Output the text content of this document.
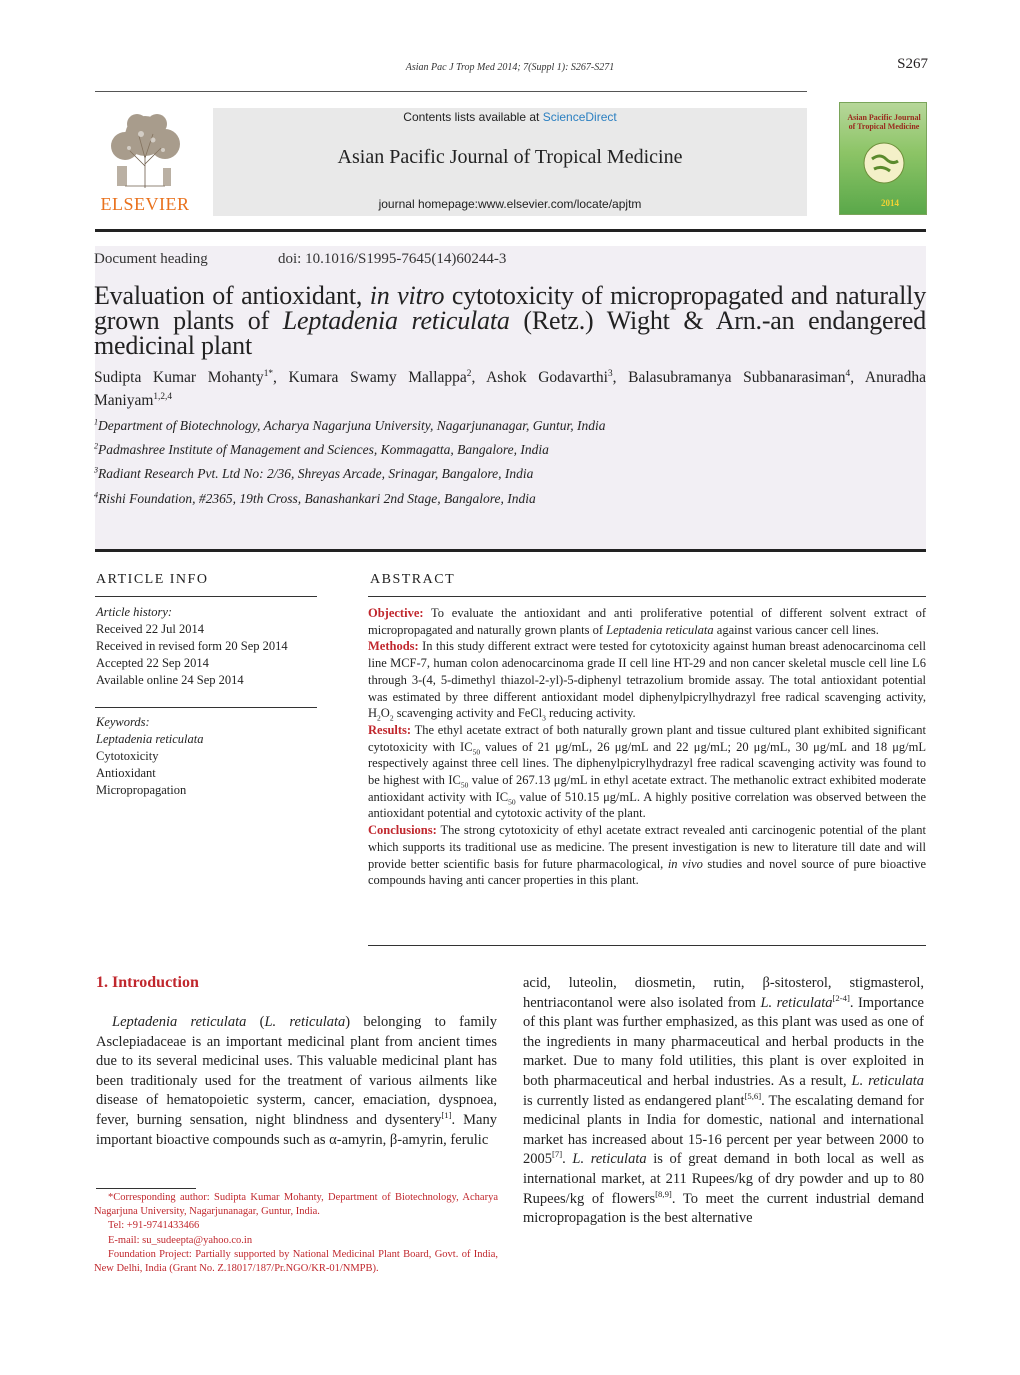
Asian Pac J Trop Med 2014; 7(Suppl 1): S267-S271	S267
ELSEVIER
Contents lists available at ScienceDirect
Asian Pacific Journal of Tropical Medicine
journal homepage:www.elsevier.com/locate/apjtm
Asian Pacific Journal of Tropical Medicine
2014
Document heading	doi: 10.1016/S1995-7645(14)60244-3
Evaluation of antioxidant, in vitro cytotoxicity of micropropagated and naturally grown plants of Leptadenia reticulata (Retz.) Wight & Arn.-an endangered medicinal plant
Sudipta Kumar Mohanty$^{1*}$, Kumara Swamy Mallappa$^2$, Ashok Godavarthi$^3$, Balasubramanya Subbanarasiman$^4$, Anuradha Maniyam$^{1,2,4}$
$^1$Department of Biotechnology, Acharya Nagarjuna University, Nagarjunanagar, Guntur, India
$^2$Padmashree Institute of Management and Sciences, Kommagatta, Bangalore, India
$^3$Radiant Research Pvt. Ltd No: 2/36, Shreyas Arcade, Srinagar, Bangalore, India
$^4$Rishi Foundation, #2365, 19th Cross, Banashankari 2nd Stage, Bangalore, India
ARTICLE INFO
Article history:
Received 22 Jul 2014
Received in revised form 20 Sep 2014
Accepted 22 Sep 2014
Available online 24 Sep 2014
Keywords:
Leptadenia reticulata
Cytotoxicity
Antioxidant
Micropropagation
ABSTRACT
Objective: To evaluate the antioxidant and anti proliferative potential of different solvent extract of micropropagated and naturally grown plants of Leptadenia reticulata against various cancer cell lines.
Methods: In this study different extract were tested for cytotoxicity against human breast adenocarcinoma cell line MCF-7, human colon adenocarcinoma grade II cell line HT-29 and non cancer skeletal muscle cell line L6 through 3-(4, 5-dimethyl thiazol-2-yl)-5-diphenyl tetrazolium bromide assay. The total antioxidant potential was estimated by three different antioxidant model diphenylpicrylhydrazyl free radical scavenging activity, $H_2O_2$ scavenging activity and FeCl$_3$ reducing activity.
Results: The ethyl acetate extract of both naturally grown plant and tissue cultured plant exhibited significant cytotoxicity with $IC_{50}$ values of 21 μg/mL, 26 μg/mL and 22 μg/mL; 20 μg/mL, 30 μg/mL and 18 μg/mL respectively against three cell lines. The diphenylpicrylhydrazyl free radical scavenging activity was found to be highest with $IC_{50}$ value of 267.13 μg/mL in ethyl acetate extract. The methanolic extract exhibited moderate antioxidant activity with $IC_{50}$ value of 510.15 μg/mL. A highly positive correlation was observed between the antioxidant potential and cytotoxic activity of the plant.
Conclusions: The strong cytotoxicity of ethyl acetate extract revealed anti carcinogenic potential of the plant which supports its traditional use as medicine. The present investigation is new to literature till date and will provide better scientific basis for future pharmacological, in vivo studies and novel source of pure bioactive compounds having anti cancer properties in this plant.
1. Introduction
Leptadenia reticulata (L. reticulata) belonging to family Asclepiadaceae is an important medicinal plant from ancient times due to its several medicinal uses. This valuable medicinal plant has been traditionaly used for the treatment of various ailments like disease of hematopoietic systerm, cancer, emaciation, dyspnoea, fever, burning sensation, night blindness and dysentery[1]. Many important bioactive compounds such as α-amyrin, β-amyrin, ferulic
acid, luteolin, diosmetin, rutin, β-sitosterol, stigmasterol, hentriacontanol were also isolated from L. reticulata[2-4]. Importance of this plant was further emphasized, as this plant was used as one of the ingredients in many pharmaceutical and herbal products in the market. Due to many fold utilities, this plant is over exploited in both pharmaceutical and herbal industries. As a result, L. reticulata is currently listed as endangered plant[5,6]. The escalating demand for medicinal plants in India for domestic, national and international market has increased about 15-16 percent per year between 2000 to 2005[7]. L. reticulata is of great demand in both local as well as international market, at 211 Rupees/kg of dry powder and up to 80 Rupees/kg of flowers[8,9]. To meet the current industrial demand micropropagation is the best alternative

*Corresponding author: Sudipta Kumar Mohanty, Department of Biotechnology, Acharya Nagarjuna University, Nagarjunanagar, Guntur, India.

Tel: +91-9741433466

E-mail: su_sudeepta@yahoo.co.in

Foundation Project: Partially supported by National Medicinal Plant Board, Govt. of India, New Delhi, India (Grant No. Z.18017/187/Pr.NGO/KR-01/NMPB).
